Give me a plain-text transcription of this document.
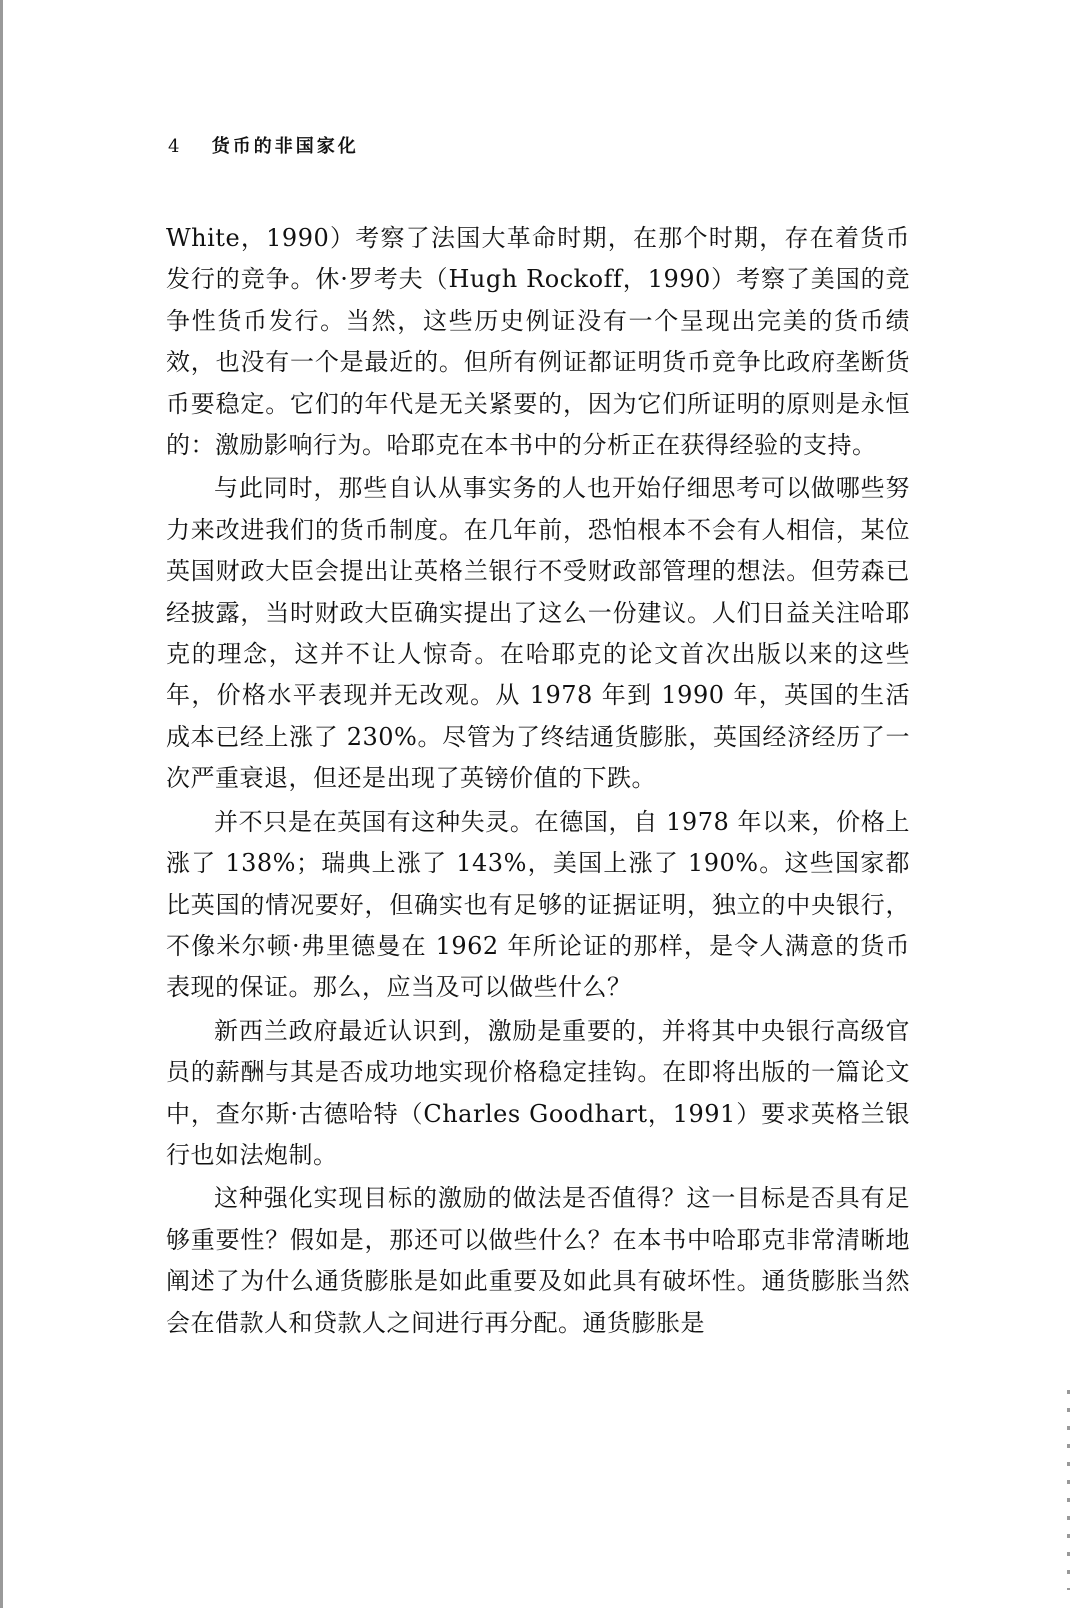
4 货币的非国家化

White，1990）考察了法国大革命时期，在那个时期，存在着货币发行的竞争。休·罗考夫（Hugh Rockoff，1990）考察了美国的竞争性货币发行。当然，这些历史例证没有一个呈现出完美的货币绩效，也没有一个是最近的。但所有例证都证明货币竞争比政府垄断货币要稳定。它们的年代是无关紧要的，因为它们所证明的原则是永恒的：激励影响行为。哈耶克在本书中的分析正在获得经验的支持。

与此同时，那些自认从事实务的人也开始仔细思考可以做哪些努力来改进我们的货币制度。在几年前，恐怕根本不会有人相信，某位英国财政大臣会提出让英格兰银行不受财政部管理的想法。但劳森已经披露，当时财政大臣确实提出了这么一份建议。人们日益关注哈耶克的理念，这并不让人惊奇。在哈耶克的论文首次出版以来的这些年，价格水平表现并无改观。从 1978 年到 1990 年，英国的生活成本已经上涨了 230%。尽管为了终结通货膨胀，英国经济经历了一次严重衰退，但还是出现了英镑价值的下跌。

并不只是在英国有这种失灵。在德国，自 1978 年以来，价格上涨了 138%；瑞典上涨了 143%，美国上涨了 190%。这些国家都比英国的情况要好，但确实也有足够的证据证明，独立的中央银行，不像米尔顿·弗里德曼在 1962 年所论证的那样，是令人满意的货币表现的保证。那么，应当及可以做些什么？

新西兰政府最近认识到，激励是重要的，并将其中央银行高级官员的薪酬与其是否成功地实现价格稳定挂钩。在即将出版的一篇论文中，查尔斯·古德哈特（Charles Goodhart，1991）要求英格兰银行也如法炮制。

这种强化实现目标的激励的做法是否值得？这一目标是否具有足够重要性？假如是，那还可以做些什么？在本书中哈耶克非常清晰地阐述了为什么通货膨胀是如此重要及如此具有破坏性。通货膨胀当然会在借款人和贷款人之间进行再分配。通货膨胀是
